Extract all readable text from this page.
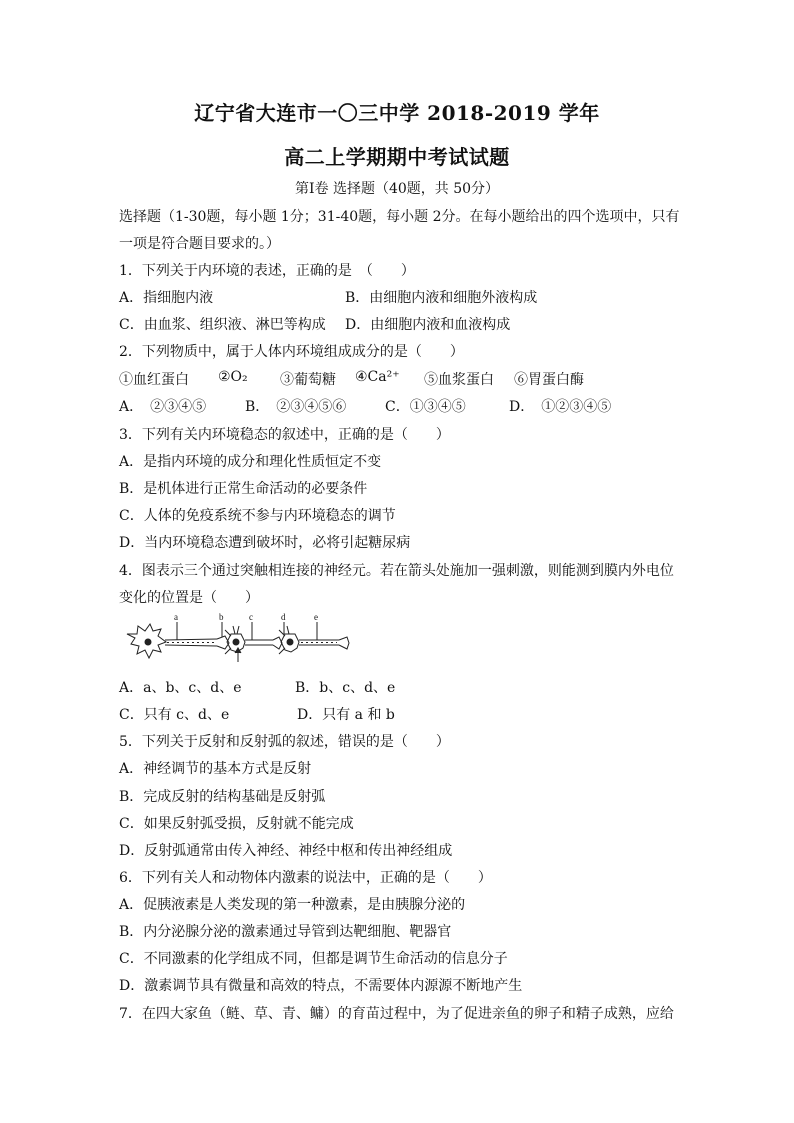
辽宁省大连市一〇三中学 2018-2019 学年
高二上学期期中考试试题
第Ⅰ卷 选择题（40题，共 50分）
选择题（1-30题，每小题 1分；31-40题，每小题 2分。在每小题给出的四个选项中，只有
一项是符合题目要求的。）
1．下列关于内环境的表述，正确的是　（　　）
A．指细胞内液	B．由细胞内液和细胞外液构成
C．由血浆、组织液、淋巴等构成 D．由细胞内液和血液构成
2．下列物质中，属于人体内环境组成成分的是（　　）
①血红蛋白 ②O₂ ③葡萄糖 ④Ca²⁺ ⑤血浆蛋白 ⑥胃蛋白酶
A．　②③④⑤	B．　②③④⑤⑥	C．①③④⑤	D．　①②③④⑤
3．下列有关内环境稳态的叙述中，正确的是（　　）
A．是指内环境的成分和理化性质恒定不变
B．是机体进行正常生命活动的必要条件
C．人体的免疫系统不参与内环境稳态的调节
D．当内环境稳态遭到破坏时，必将引起糖尿病
4．图表示三个通过突触相连接的神经元。若在箭头处施加一强刺激，则能测到膜内外电位
变化的位置是（　　）
a	b	c	d	e
A．a、b、c、d、e	B．b、c、d、e
C．只有 c、d、e	D．只有 a 和 b
5．下列关于反射和反射弧的叙述，错误的是（　　）
A．神经调节的基本方式是反射
B．完成反射的结构基础是反射弧
C．如果反射弧受损，反射就不能完成
D．反射弧通常由传入神经、神经中枢和传出神经组成
6．下列有关人和动物体内激素的说法中，正确的是（　　）
A．促胰液素是人类发现的第一种激素，是由胰腺分泌的
B．内分泌腺分泌的激素通过导管到达靶细胞、靶器官
C．不同激素的化学组成不同，但都是调节生命活动的信息分子
D．激素调节具有微量和高效的特点，不需要体内源源不断地产生
7．在四大家鱼（鲢、草、青、鳙）的育苗过程中，为了促进亲鱼的卵子和精子成熟，应给
